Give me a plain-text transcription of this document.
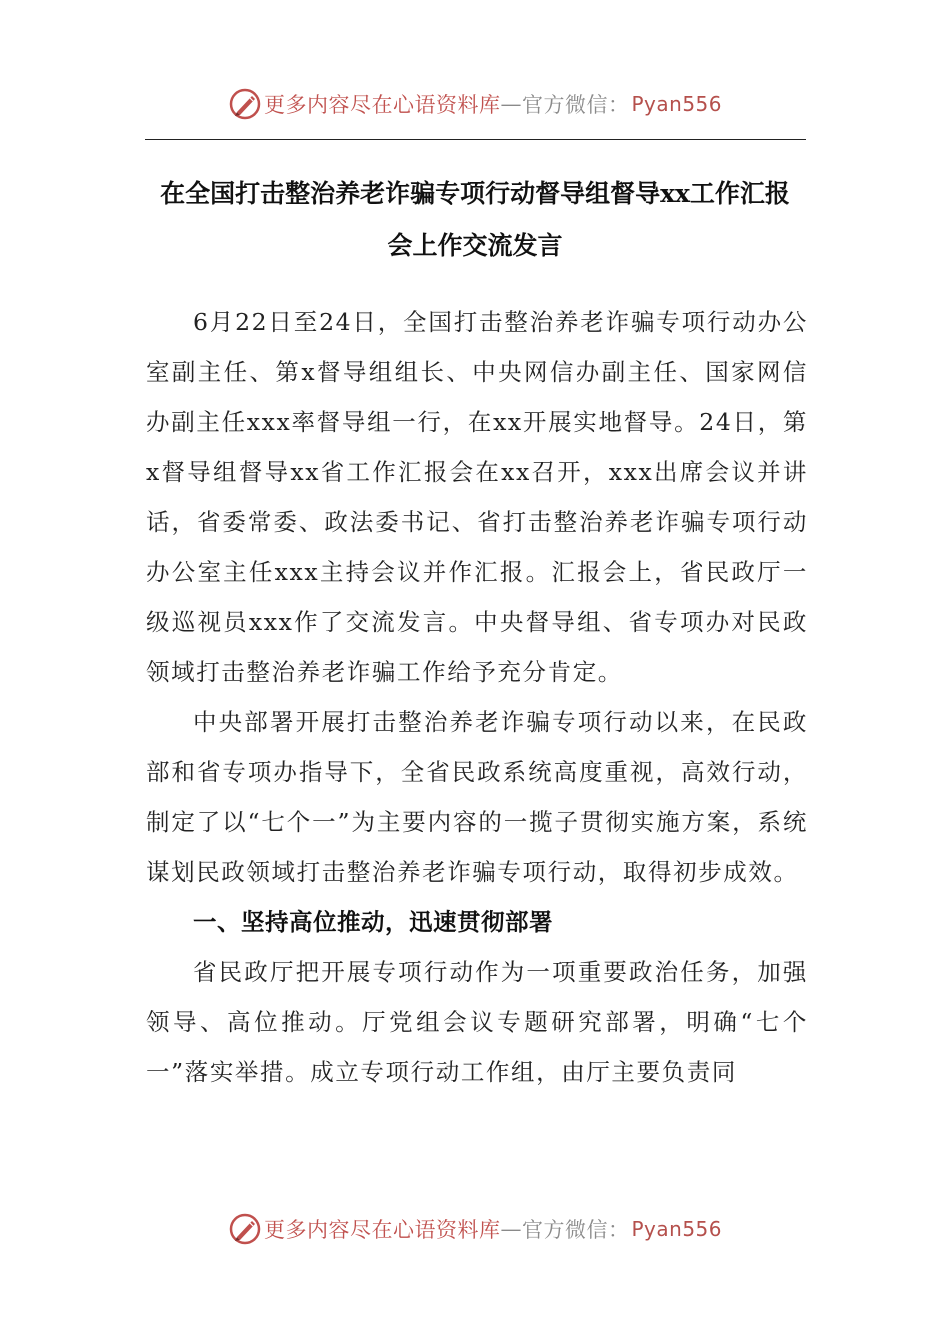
更多内容尽在心语资料库 — 官方微信： Pyan556
在全国打击整治养老诈骗专项行动督导组督导xx工作汇报
会上作交流发言

6月22日至24日，全国打击整治养老诈骗专项行动办公室副主任、第x督导组组长、中央网信办副主任、国家网信办副主任xxx率督导组一行，在xx开展实地督导。24日，第x督导组督导xx省工作汇报会在xx召开，xxx出席会议并讲话，省委常委、政法委书记、省打击整治养老诈骗专项行动办公室主任xxx主持会议并作汇报。汇报会上，省民政厅一级巡视员xxx作了交流发言。中央督导组、省专项办对民政领域打击整治养老诈骗工作给予充分肯定。

中央部署开展打击整治养老诈骗专项行动以来，在民政部和省专项办指导下，全省民政系统高度重视，高效行动，制定了以“七个一”为主要内容的一揽子贯彻实施方案，系统谋划民政领域打击整治养老诈骗专项行动，取得初步成效。

一、坚持高位推动，迅速贯彻部署

省民政厅把开展专项行动作为一项重要政治任务，加强领导、高位推动。厅党组会议专题研究部署，明确“七个一”落实举措。成立专项行动工作组，由厅主要负责同

更多内容尽在心语资料库 — 官方微信： Pyan556
